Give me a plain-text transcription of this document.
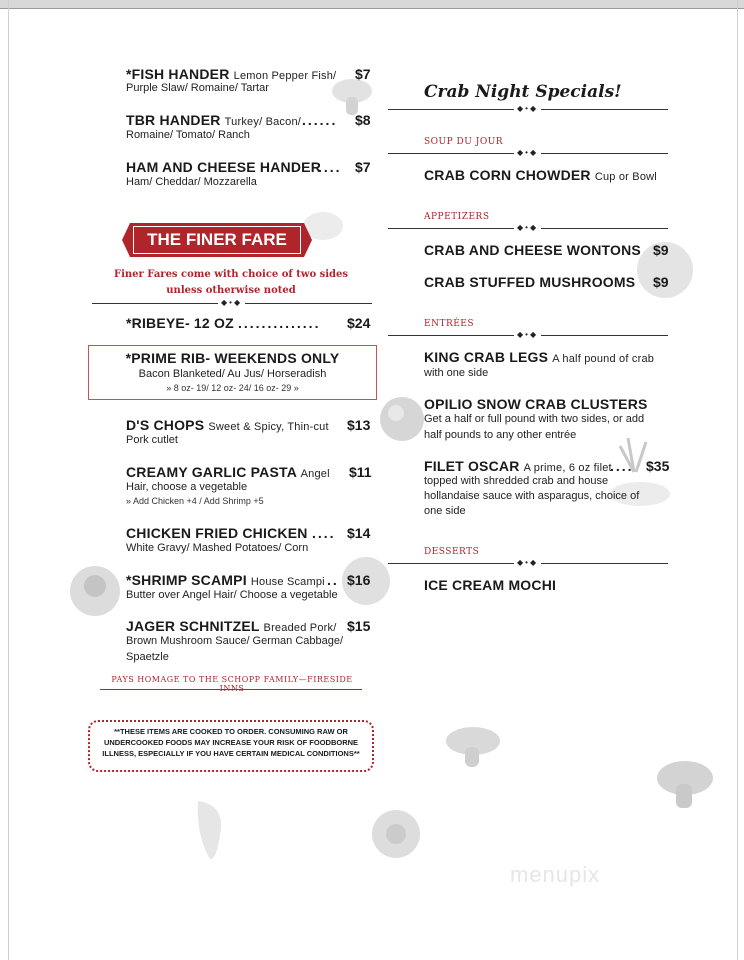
*FISH HANDER Lemon Pepper Fish/
Purple Slaw/ Romaine/ Tartar
$7
TBR HANDER Turkey/ Bacon/ ......
Romaine/ Tomato/ Ranch
$8
HAM AND CHEESE HANDER
....
Ham/ Cheddar/ Mozzarella
$7
THE FINER FARE
Finer Fares come with choice of two sides
unless otherwise noted
◆•◆
*RIBEYE- 12 OZ .............. $24
*PRIME RIB- WEEKENDS ONLY
Bacon Blanketed/ Au Jus/ Horseradish
» 8 oz- 19/ 12 oz- 24/ 16 oz- 29 »
D'S CHOPS Sweet & Spicy, Thin-cut
Pork cutlet
$13
CREAMY GARLIC PASTA Angel
Hair, choose a vegetable
» Add Chicken +4 / Add Shrimp +5
$11
CHICKEN FRIED CHICKEN ....
White Gravy/ Mashed Potatoes/ Corn
$14
*SHRIMP SCAMPI House Scampi ..
Butter over Angel Hair/ Choose a vegetable
$16
JAGER SCHNITZEL Breaded Pork/
Brown Mushroom Sauce/ German Cabbage/
Spaetzle
$15
PAYS HOMAGE TO THE SCHOPP FAMILY—FIRESIDE
**THESE ITEMS ARE COOKED TO ORDER. CONSUMING RAW OR UNDERCOOKED FOODS MAY INCREASE YOUR RISK OF FOODBORNE ILLNESS, ESPECIALLY IF YOU HAVE CERTAIN MEDICAL CONDITIONS**
Crab Night Specials!
◆•◆
SOUP DU JOUR
◆•◆
CRAB CORN CHOWDER Cup or Bowl
APPETIZERS
◆•◆
CRAB AND CHEESE WONTONS $9
CRAB STUFFED MUSHROOMS $9
ENTRÉES
◆•◆
KING CRAB LEGS A half pound of crab
with one side
OPILIO SNOW CRAB CLUSTERS
Get a half or full pound with two sides, or add
half pounds to any other entrée
FILET OSCAR A prime, 6 oz filet
.... $35
topped with shredded crab and house
hollandaise sauce with asparagus, choice of
one side
DESSERTS
◆•◆
ICE CREAM MOCHI
menupix
